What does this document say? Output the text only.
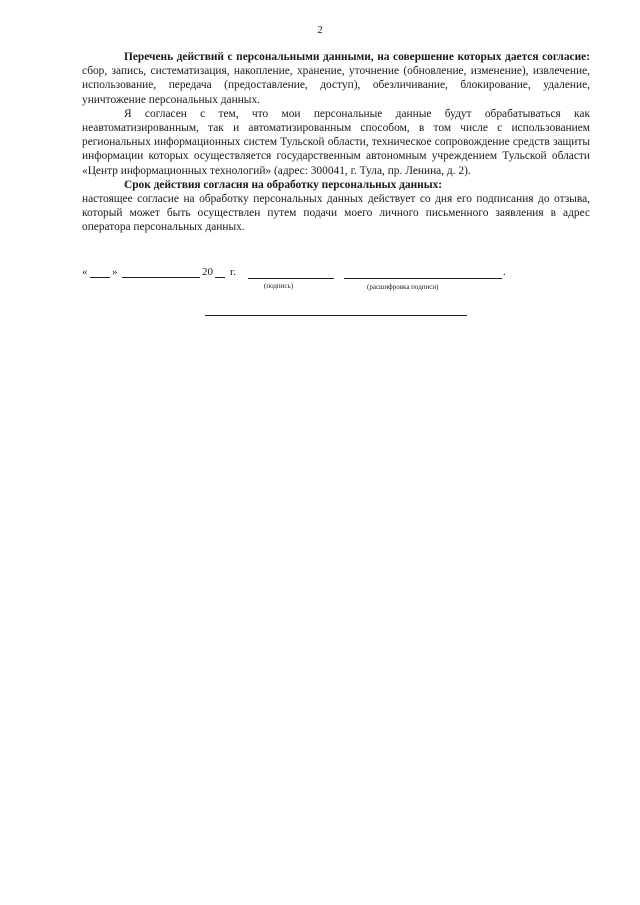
2

Перечень действий с персональными данными, на совершение которых дается согласие: сбор, запись, систематизация, накопление, хранение, уточнение (обновление, изменение), извлечение, использование, передача (предоставление, доступ), обезличивание, блокирование, удаление, уничтожение персональных данных.

Я согласен с тем, что мои персональные данные будут обрабатываться как неавтоматизированным, так и автоматизированным способом, в том числе с использованием региональных информационных систем Тульской области, техническое сопровождение средств защиты информации которых осуществляется государственным автономным учреждением Тульской области «Центр информационных технологий» (адрес: 300041, г. Тула, пр. Ленина, д. 2).

Срок действия согласия на обработку персональных данных:

настоящее согласие на обработку персональных данных действует со дня его подписания до отзыва, который может быть осуществлен путем подачи моего личного письменного заявления в адрес оператора персональных данных.

« »	20 г.	.
(подпись)	(расшифровка подписи)
